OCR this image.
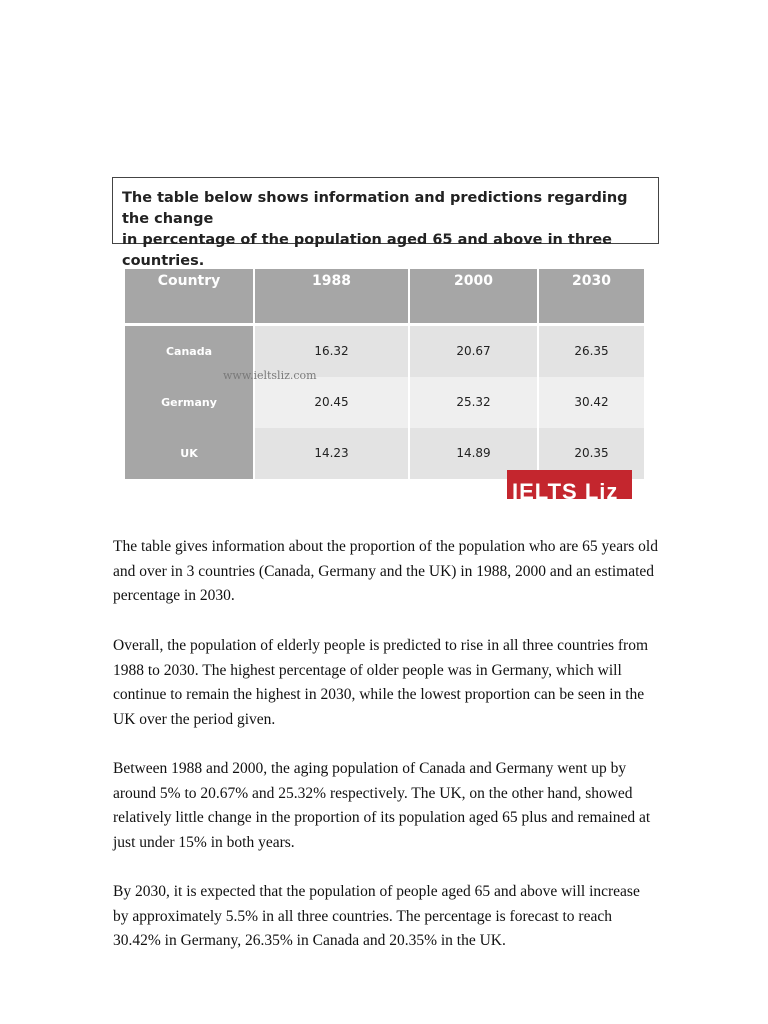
The table below shows information and predictions regarding the change
in percentage of the population aged 65 and above in three countries.
Country	1988	2000	2030
Canada	16.32	20.67	26.35
Germany	20.45	25.32	30.42
UK	14.23	14.89	20.35
www.ieltsliz.com
IELTS Liz

The table gives information about the proportion of the population who are 65 years old and over in 3 countries (Canada, Germany and the UK) in 1988, 2000 and an estimated percentage in 2030.

Overall, the population of elderly people is predicted to rise in all three countries from 1988 to 2030. The highest percentage of older people was in Germany, which will continue to remain the highest in 2030, while the lowest proportion can be seen in the UK over the period given.

Between 1988 and 2000, the aging population of Canada and Germany went up by around 5% to 20.67% and 25.32% respectively. The UK, on the other hand, showed relatively little change in the proportion of its population aged 65 plus and remained at just under 15% in both years.

By 2030, it is expected that the population of people aged 65 and above will increase by approximately 5.5% in all three countries. The percentage is forecast to reach 30.42% in Germany, 26.35% in Canada and 20.35% in the UK.
